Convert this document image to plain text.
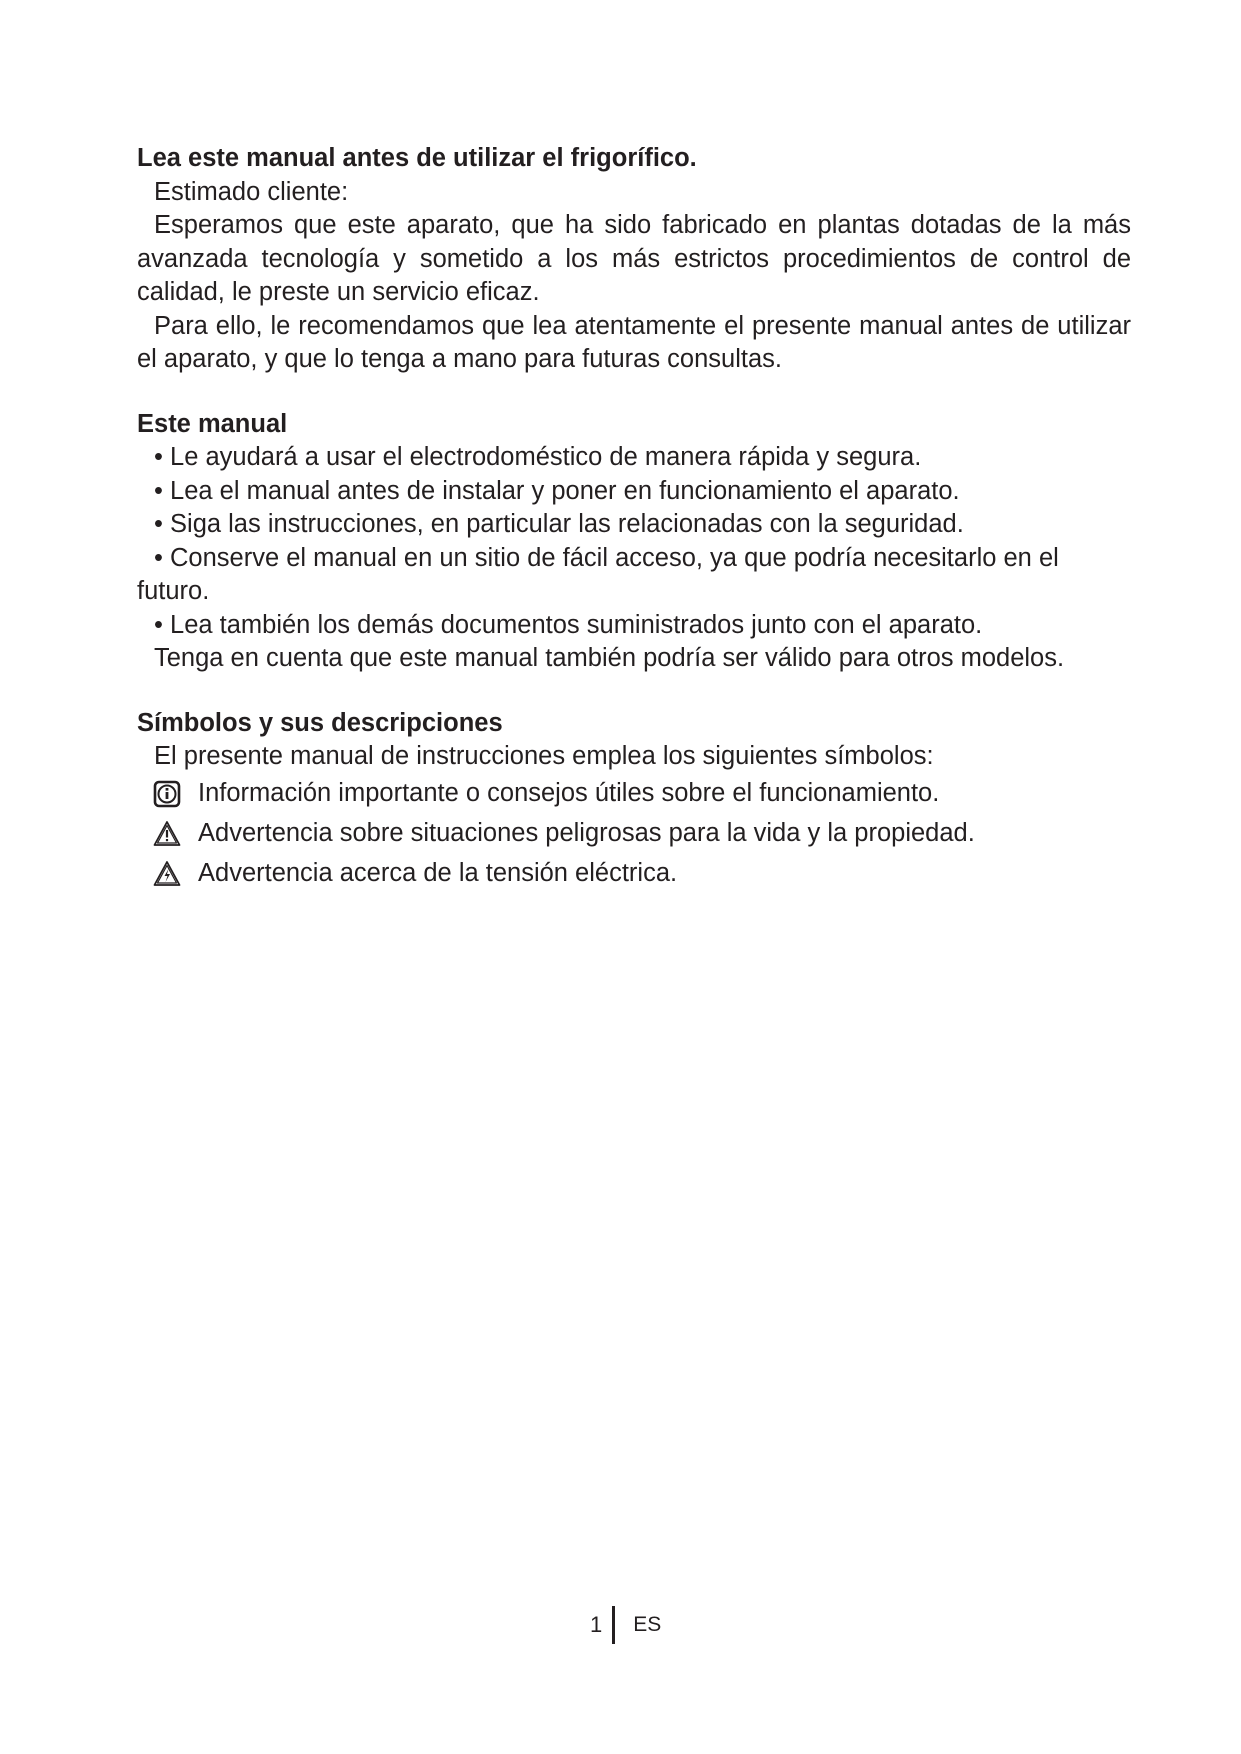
Lea este manual antes de utilizar el frigorífico.

Estimado cliente:

Esperamos que este aparato, que ha sido fabricado en plantas dotadas de la más avanzada tecnología y sometido a los más estrictos procedimientos de control de calidad, le preste un servicio eficaz.

Para ello, le recomendamos que lea atentamente el presente manual antes de utilizar el aparato, y que lo tenga a mano para futuras consultas.

Este manual
• Le ayudará a usar el electrodoméstico de manera rápida y segura.
• Lea el manual antes de instalar y poner en funcionamiento el aparato.
• Siga las instrucciones, en particular las relacionadas con la seguridad.
• Conserve el manual en un sitio de fácil acceso, ya que podría necesitarlo en el futuro.
• Lea también los demás documentos suministrados junto con el aparato.

Tenga en cuenta que este manual también podría ser válido para otros modelos.

Símbolos y sus descripciones

El presente manual de instrucciones emplea los siguientes símbolos:

Información importante o consejos útiles sobre el funcionamiento.
Advertencia sobre situaciones peligrosas para la vida y la propiedad.
Advertencia acerca de la tensión eléctrica.
1 ES
